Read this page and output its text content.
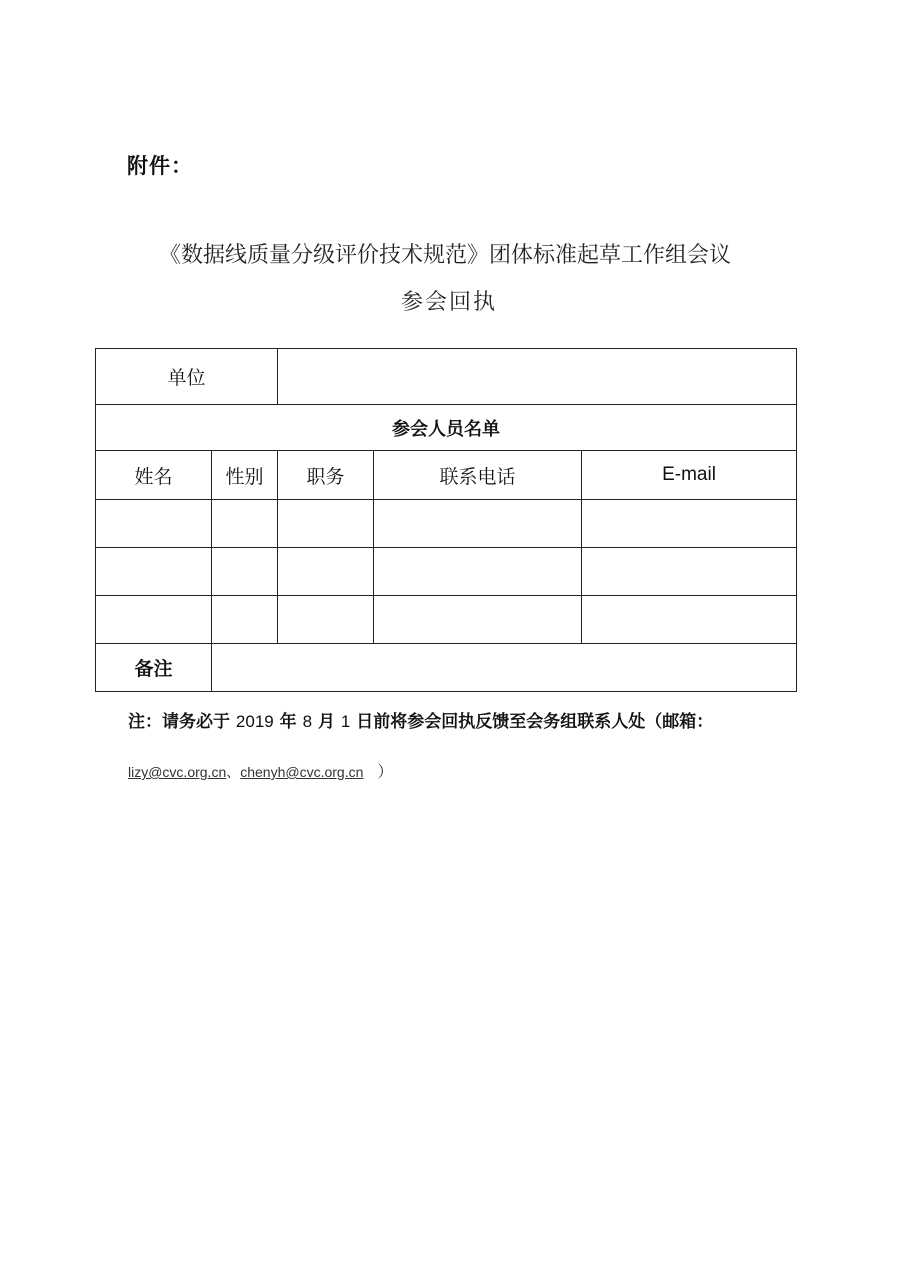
附件：
《数据线质量分级评价技术规范》团体标准起草工作组会议
参会回执
单位				
参会人员名单				
姓名	性别	职务	联系电话	E-mail

备注				
注：请务必于 2019 年 8 月 1 日前将参会回执反馈至会务组联系人处（邮箱：
lizy@cvc.org.cn、chenyh@cvc.org.cn ）
